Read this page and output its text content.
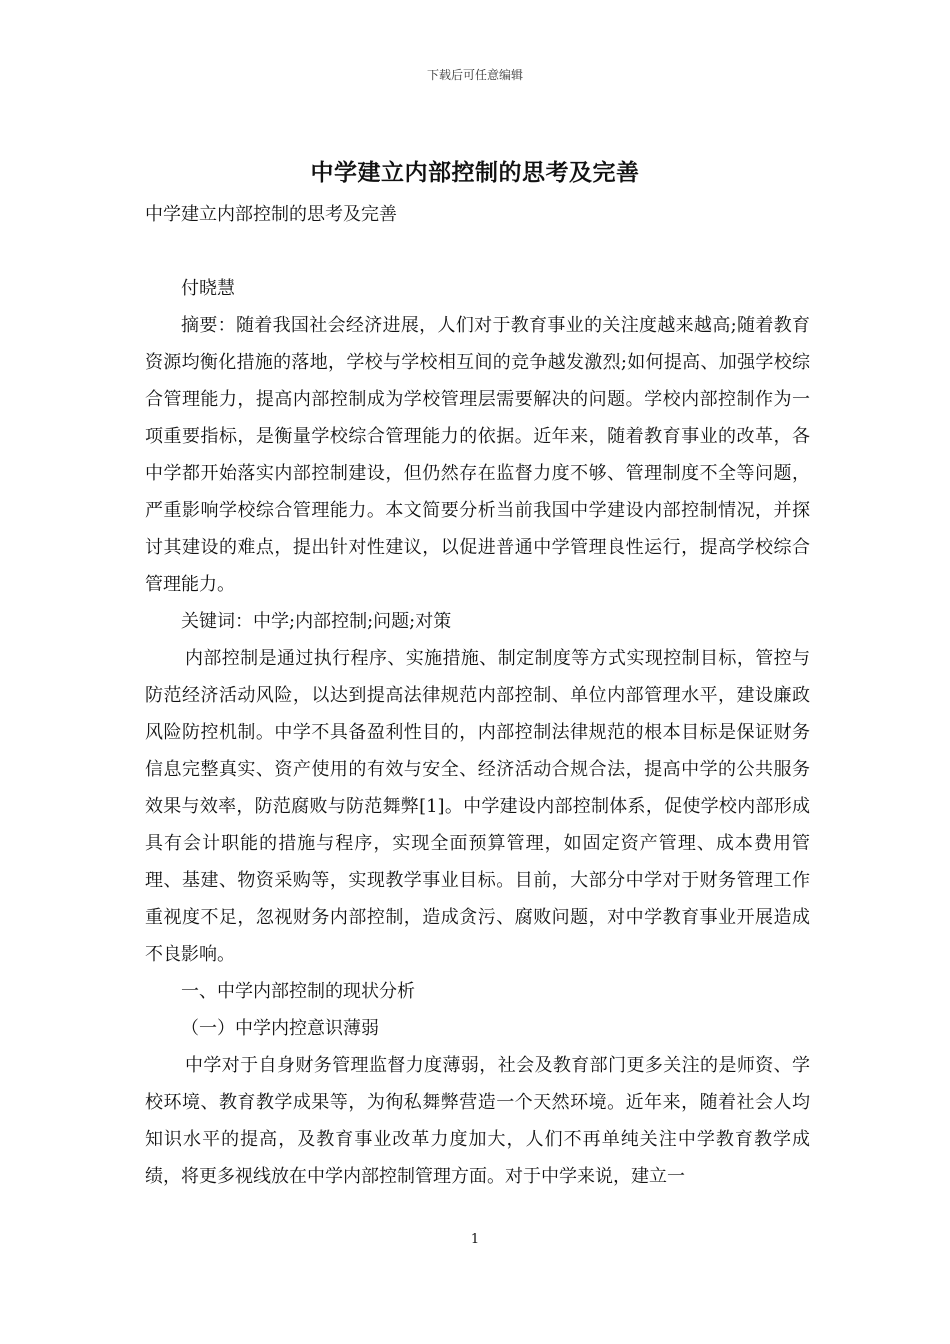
下载后可任意编辑
中学建立内部控制的思考及完善

中学建立内部控制的思考及完善

付晓慧

摘要：随着我国社会经济进展，人们对于教育事业的关注度越来越高;随着教育资源均衡化措施的落地，学校与学校相互间的竞争越发激烈;如何提高、加强学校综合管理能力，提高内部控制成为学校管理层需要解决的问题。学校内部控制作为一项重要指标，是衡量学校综合管理能力的依据。近年来，随着教育事业的改革，各中学都开始落实内部控制建设，但仍然存在监督力度不够、管理制度不全等问题，严重影响学校综合管理能力。本文简要分析当前我国中学建设内部控制情况，并探讨其建设的难点，提出针对性建议，以促进普通中学管理良性运行，提高学校综合管理能力。

关键词：中学;内部控制;问题;对策

内部控制是通过执行程序、实施措施、制定制度等方式实现控制目标，管控与防范经济活动风险，以达到提高法律规范内部控制、单位内部管理水平，建设廉政风险防控机制。中学不具备盈利性目的，内部控制法律规范的根本目标是保证财务信息完整真实、资产使用的有效与安全、经济活动合规合法，提高中学的公共服务效果与效率，防范腐败与防范舞弊[1]。中学建设内部控制体系，促使学校内部形成具有会计职能的措施与程序，实现全面预算管理，如固定资产管理、成本费用管理、基建、物资采购等，实现教学事业目标。目前，大部分中学对于财务管理工作重视度不足，忽视财务内部控制，造成贪污、腐败问题，对中学教育事业开展造成不良影响。

一、中学内部控制的现状分析

（一）中学内控意识薄弱

中学对于自身财务管理监督力度薄弱，社会及教育部门更多关注的是师资、学校环境、教育教学成果等，为徇私舞弊营造一个天然环境。近年来，随着社会人均知识水平的提高，及教育事业改革力度加大，人们不再单纯关注中学教育教学成绩，将更多视线放在中学内部控制管理方面。对于中学来说，建立一

1
